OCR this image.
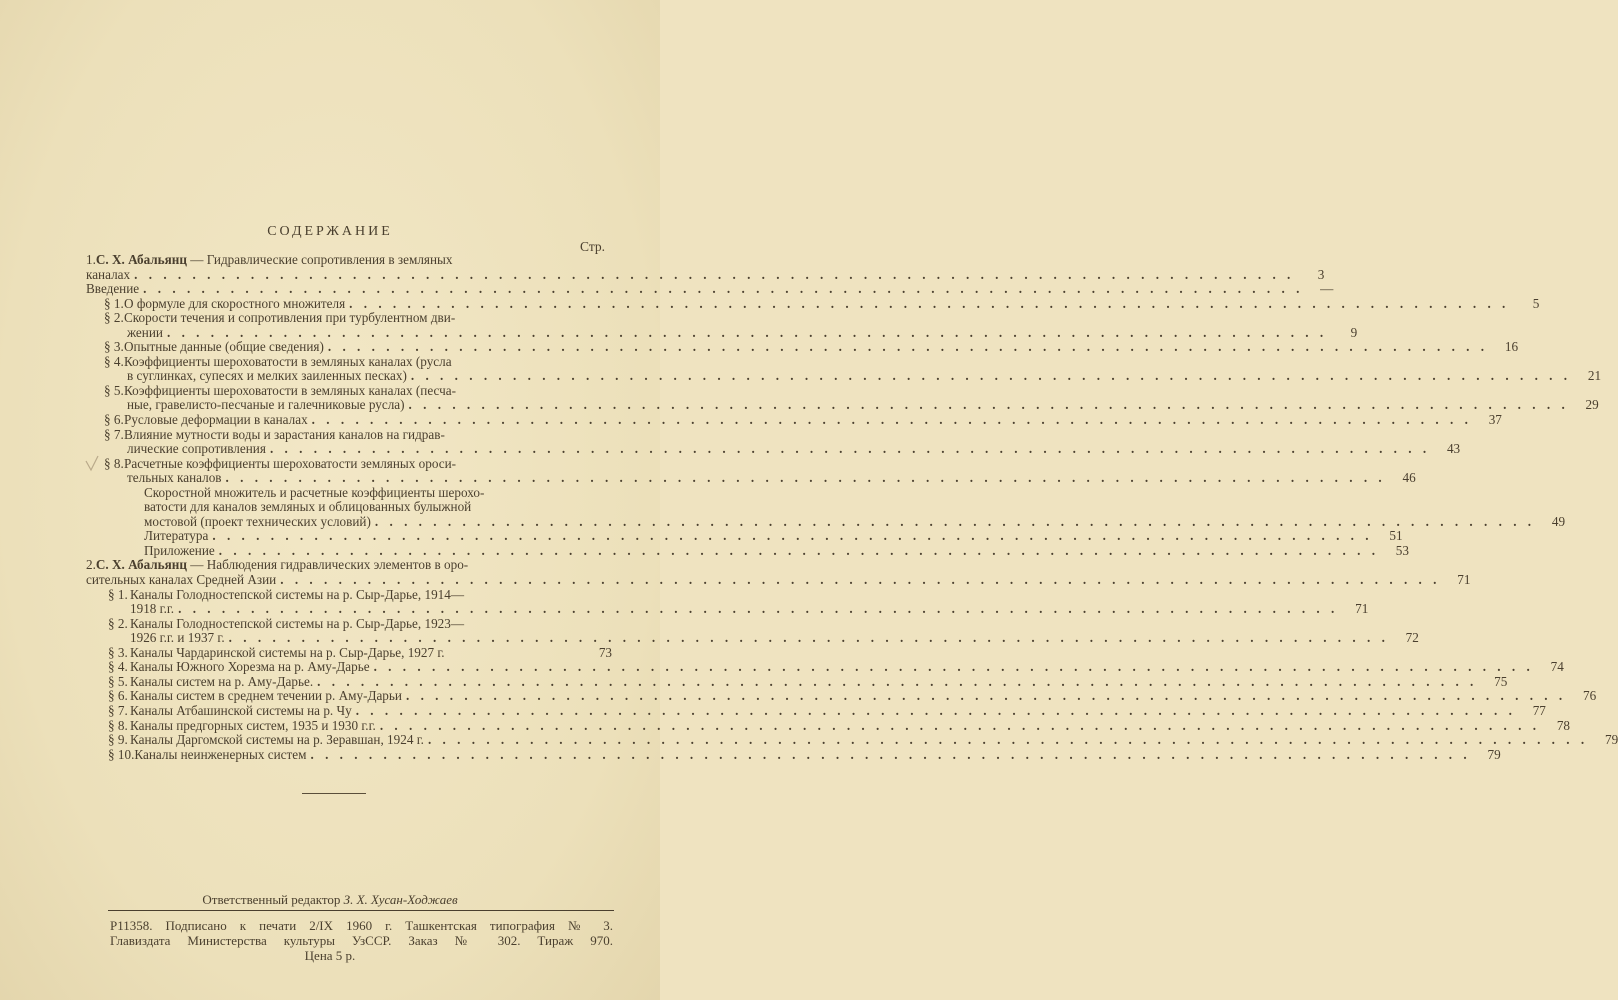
СОДЕРЖАНИЕ
Стр.
1.С. Х. Абальянц — Гидравлические сопротивления в земляных
каналах . . . . . . . . . . . . . . . . . . . . . . . . . . . . . . . . . . . . . . . . . . . . . . . . . . . . . . . . . . . . . . . . . . . . . . . . . . . . . . . .	3
Введение . . . . . . . . . . . . . . . . . . . . . . . . . . . . . . . . . . . . . . . . . . . . . . . . . . . . . . . . . . . . . . . . . . . . . . . . . . . . . . . .	—
§ 1.О формуле для скоростного множителя . . . . . . . . . . . . . . . . . . . . . . . . . . . . . . . . . . . . . . . . . . . . . . . . . . . . . . . . . . . . . . . . . . . . . . . . . . . . . . . .	5
§ 2.Скорости течения и сопротивления при турбулентном дви-
жении . . . . . . . . . . . . . . . . . . . . . . . . . . . . . . . . . . . . . . . . . . . . . . . . . . . . . . . . . . . . . . . . . . . . . . . . . . . . . . . .	9
§ 3.Опытные данные (общие сведения) . . . . . . . . . . . . . . . . . . . . . . . . . . . . . . . . . . . . . . . . . . . . . . . . . . . . . . . . . . . . . . . . . . . . . . . . . . . . . . . .	16
§ 4.Коэффициенты шероховатости в земляных каналах (русла
в суглинках, супесях и мелких заиленных песках) . . . . . . . . . . . . . . . . . . . . . . . . . . . . . . . . . . . . . . . . . . . . . . . . . . . . . . . . . . . . . . . . . . . . . . . . . . . . . . . .	21
§ 5.Коэффициенты шероховатости в земляных каналах (песча-
ные, гравелисто-песчаные и галечниковые русла) . . . . . . . . . . . . . . . . . . . . . . . . . . . . . . . . . . . . . . . . . . . . . . . . . . . . . . . . . . . . . . . . . . . . . . . . . . . . . . . .	29
§ 6.Русловые деформации в каналах . . . . . . . . . . . . . . . . . . . . . . . . . . . . . . . . . . . . . . . . . . . . . . . . . . . . . . . . . . . . . . . . . . . . . . . . . . . . . . . .	37
§ 7.Влияние мутности воды и зарастания каналов на гидрав-
лические сопротивления . . . . . . . . . . . . . . . . . . . . . . . . . . . . . . . . . . . . . . . . . . . . . . . . . . . . . . . . . . . . . . . . . . . . . . . . . . . . . . . .	43
§ 8.Расчетные коэффициенты шероховатости земляных ороси-
тельных каналов . . . . . . . . . . . . . . . . . . . . . . . . . . . . . . . . . . . . . . . . . . . . . . . . . . . . . . . . . . . . . . . . . . . . . . . . . . . . . . . .	46
Скоростной множитель и расчетные коэффициенты шерохо-
ватости для каналов земляных и облицованных булыжной
мостовой (проект технических условий) . . . . . . . . . . . . . . . . . . . . . . . . . . . . . . . . . . . . . . . . . . . . . . . . . . . . . . . . . . . . . . . . . . . . . . . . . . . . . . . .	49
Литература . . . . . . . . . . . . . . . . . . . . . . . . . . . . . . . . . . . . . . . . . . . . . . . . . . . . . . . . . . . . . . . . . . . . . . . . . . . . . . . .	51
Приложение . . . . . . . . . . . . . . . . . . . . . . . . . . . . . . . . . . . . . . . . . . . . . . . . . . . . . . . . . . . . . . . . . . . . . . . . . . . . . . . .	53
2.С. Х. Абальянц — Наблюдения гидравлических элементов в оро-
сительных каналах Средней Азии . . . . . . . . . . . . . . . . . . . . . . . . . . . . . . . . . . . . . . . . . . . . . . . . . . . . . . . . . . . . . . . . . . . . . . . . . . . . . . . .	71
§ 1.Каналы Голодностепской системы на р. Сыр-Дарье, 1914—
1918 г.г. . . . . . . . . . . . . . . . . . . . . . . . . . . . . . . . . . . . . . . . . . . . . . . . . . . . . . . . . . . . . . . . . . . . . . . . . . . . . . . . .	71
§ 2.Каналы Голодностепской системы на р. Сыр-Дарье, 1923—
1926 г.г. и 1937 г. . . . . . . . . . . . . . . . . . . . . . . . . . . . . . . . . . . . . . . . . . . . . . . . . . . . . . . . . . . . . . . . . . . . . . . . . . . . . . . . .	72
§ 3.Каналы Чардаринской системы на р. Сыр-Дарье, 1927 г.	73
§ 4.Каналы Южного Хорезма на р. Аму-Дарье . . . . . . . . . . . . . . . . . . . . . . . . . . . . . . . . . . . . . . . . . . . . . . . . . . . . . . . . . . . . . . . . . . . . . . . . . . . . . . . .	74
§ 5.Каналы систем на р. Аму-Дарье. . . . . . . . . . . . . . . . . . . . . . . . . . . . . . . . . . . . . . . . . . . . . . . . . . . . . . . . . . . . . . . . . . . . . . . . . . . . . . . . .	75
§ 6.Каналы систем в среднем течении р. Аму-Дарьи . . . . . . . . . . . . . . . . . . . . . . . . . . . . . . . . . . . . . . . . . . . . . . . . . . . . . . . . . . . . . . . . . . . . . . . . . . . . . . . .	76
§ 7.Каналы Атбашинской системы на р. Чу . . . . . . . . . . . . . . . . . . . . . . . . . . . . . . . . . . . . . . . . . . . . . . . . . . . . . . . . . . . . . . . . . . . . . . . . . . . . . . . .	77
§ 8.Каналы предгорных систем, 1935 и 1930 г.г. . . . . . . . . . . . . . . . . . . . . . . . . . . . . . . . . . . . . . . . . . . . . . . . . . . . . . . . . . . . . . . . . . . . . . . . . . . . . . . . .	78
§ 9.Каналы Даргомской системы на р. Зеравшан, 1924 г. . . . . . . . . . . . . . . . . . . . . . . . . . . . . . . . . . . . . . . . . . . . . . . . . . . . . . . . . . . . . . . . . . . . . . . . . . . . . . . . .	79
§ 10.Каналы неинженерных систем . . . . . . . . . . . . . . . . . . . . . . . . . . . . . . . . . . . . . . . . . . . . . . . . . . . . . . . . . . . . . . . . . . . . . . . . . . . . . . . .	79
Ответственный редактор З. Х. Хусан-Ходжаев
Р11358. Подписано к печати 2/IX 1960 г. Ташкентская типография № 3.
Главиздата Министерства культуры УзССР. Заказ № 302. Тираж 970.
Цена 5 р.
